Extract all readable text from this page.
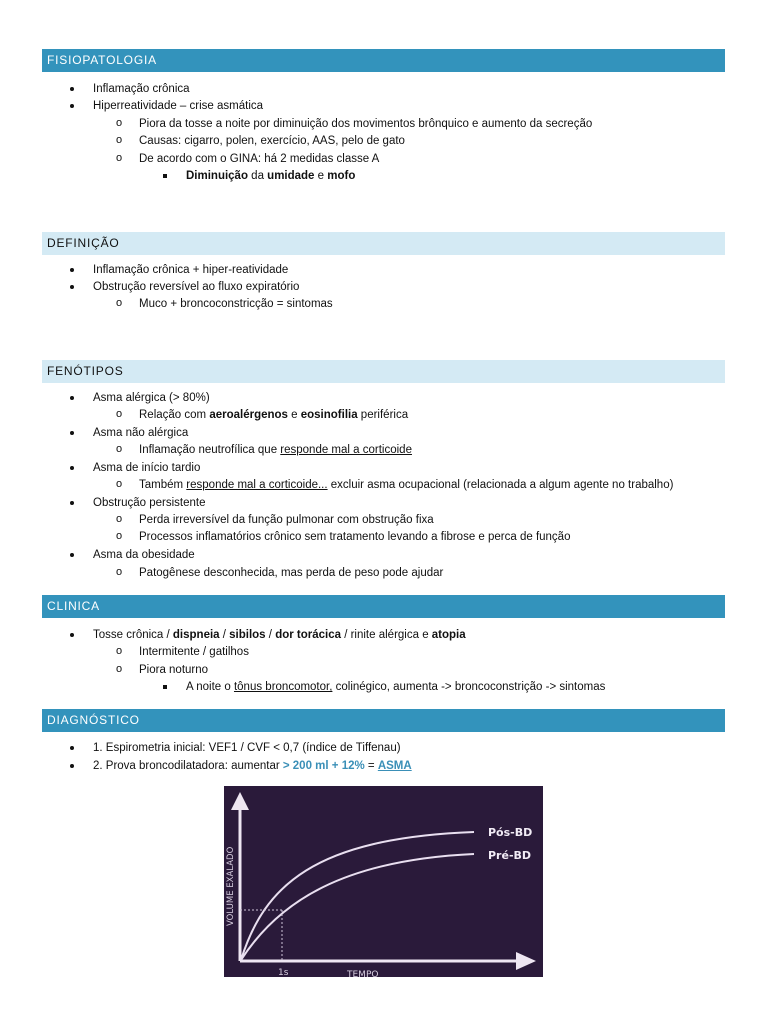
FISIOPATOLOGIA
Inflamação crônica
Hiperreatividade – crise asmática
o Piora da tosse a noite por diminuição dos movimentos brônquico e aumento da secreção
o Causas: cigarro, polen, exercício, AAS, pelo de gato
o De acordo com o GINA: há 2 medidas classe A
Diminuição da umidade e mofo
DEFINIÇÃO
Inflamação crônica + hiper-reatividade
Obstrução reversível ao fluxo expiratório
o Muco + broncoconstricção = sintomas
FENÓTIPOS
Asma alérgica (> 80%)
o Relação com aeroalérgenos e eosinofilia periférica
Asma não alérgica
o Inflamação neutrofílica que responde mal a corticoide
Asma de início tardio
o Também responde mal a corticoide... excluir asma ocupacional (relacionada a algum agente no trabalho)
Obstrução persistente
o Perda irreversível da função pulmonar com obstrução fixa
o Processos inflamatórios crônico sem tratamento levando a fibrose e perca de função
Asma da obesidade
o Patogênese desconhecida, mas perda de peso pode ajudar
CLINICA
Tosse crônica / dispneia / sibilos / dor torácica / rinite alérgica e atopia
o Intermitente / gatilhos
o Piora noturno
A noite o tônus broncomotor, colinégico, aumenta -> broncoconstrição -> sintomas
DIAGNÓSTICO
1. Espirometria inicial: VEF1 / CVF < 0,7 (índice de Tiffenau)
2. Prova broncodilatadora: aumentar > 200 ml + 12% = ASMA
Pós-BD
Pré-BD
1s	TEMPO
VOLUME EXALADO
